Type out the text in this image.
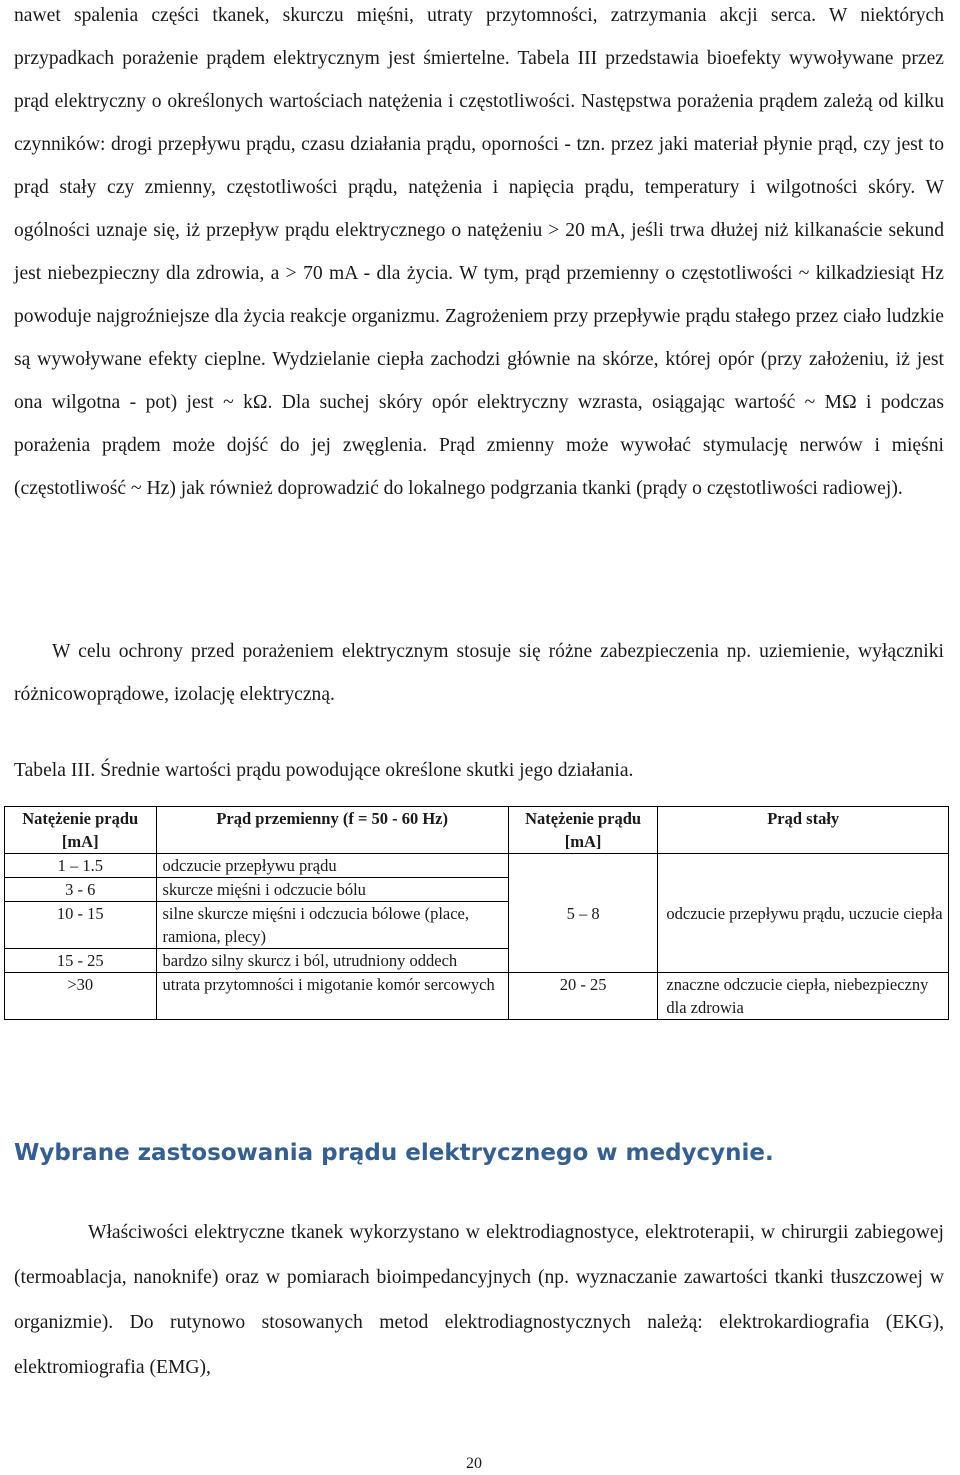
nawet spalenia części tkanek, skurczu mięśni, utraty przytomności, zatrzymania akcji serca. W niektórych przypadkach porażenie prądem elektrycznym jest śmiertelne. Tabela III przedstawia bioefekty wywoływane przez prąd elektryczny o określonych wartościach natężenia i częstotliwości. Następstwa porażenia prądem zależą od kilku czynników: drogi przepływu prądu, czasu działania prądu, oporności - tzn. przez jaki materiał płynie prąd, czy jest to prąd stały czy zmienny, częstotliwości prądu, natężenia i napięcia prądu, temperatury i wilgotności skóry. W ogólności uznaje się, iż przepływ prądu elektrycznego o natężeniu > 20 mA, jeśli trwa dłużej niż kilkanaście sekund jest niebezpieczny dla zdrowia, a > 70 mA - dla życia. W tym, prąd przemienny o częstotliwości ~ kilkadziesiąt Hz powoduje najgroźniejsze dla życia reakcje organizmu. Zagrożeniem przy przepływie prądu stałego przez ciało ludzkie są wywoływane efekty cieplne. Wydzielanie ciepła zachodzi głównie na skórze, której opór (przy założeniu, iż jest ona wilgotna - pot) jest ~ kΩ. Dla suchej skóry opór elektryczny wzrasta, osiągając wartość ~ MΩ i podczas porażenia prądem może dojść do jej zwęglenia. Prąd zmienny może wywołać stymulację nerwów i mięśni (częstotliwość ~ Hz) jak również doprowadzić do lokalnego podgrzania tkanki (prądy o częstotliwości radiowej).

W celu ochrony przed porażeniem elektrycznym stosuje się różne zabezpieczenia np. uziemienie, wyłączniki różnicowoprądowe, izolację elektryczną.

Tabela III. Średnie wartości prądu powodujące określone skutki jego działania.

Natężenie prądu [mA]	Prąd przemienny (f = 50 - 60 Hz)	Natężenie prądu [mA]	Prąd stały
1 – 1.5	odczucie przepływu prądu	5 – 8	odczucie przepływu prądu, uczucie ciepła
3 - 6	skurcze mięśni i odczucie bólu		
10 - 15	silne skurcze mięśni i odczucia bólowe (place, ramiona, plecy)		
15 - 25	bardzo silny skurcz i ból, utrudniony oddech		
>30	utrata przytomności i migotanie komór sercowych	20 - 25	znaczne odczucie ciepła, niebezpieczny dla zdrowia
Wybrane zastosowania prądu elektrycznego w medycynie.

Właściwości elektryczne tkanek wykorzystano w elektrodiagnostyce, elektroterapii, w chirurgii zabiegowej (termoablacja, nanoknife) oraz w pomiarach bioimpedancyjnych (np. wyznaczanie zawartości tkanki tłuszczowej w organizmie). Do rutynowo stosowanych metod elektrodiagnostycznych należą: elektrokardiografia (EKG), elektromiografia (EMG),

20
